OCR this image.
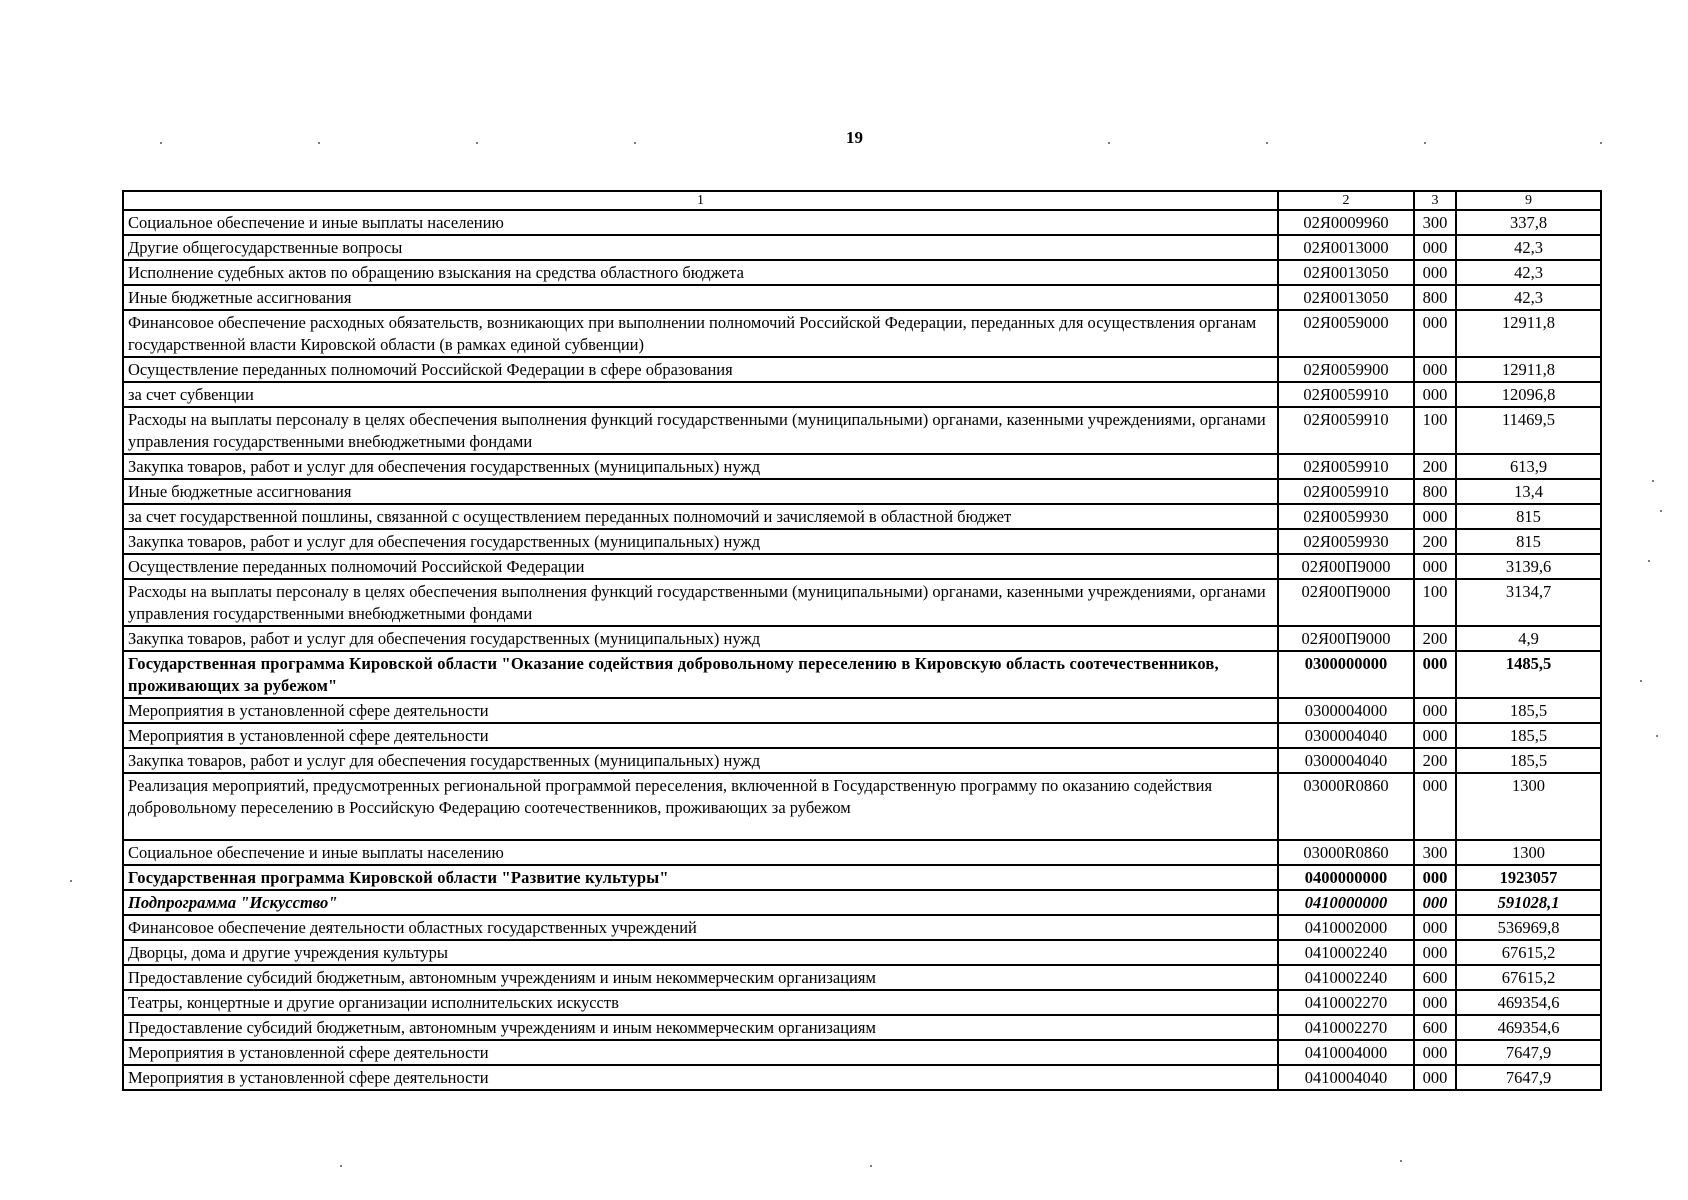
19
1	2	3	9
Социальное обеспечение и иные выплаты населению	02Я0009960	300	337,8
Другие общегосударственные вопросы	02Я0013000	000	42,3
Исполнение судебных актов по обращению взыскания на средства областного бюджета	02Я0013050	000	42,3
Иные бюджетные ассигнования	02Я0013050	800	42,3
Финансовое обеспечение расходных обязательств, возникающих при выполнении полномочий Российской Федерации, переданных для осуществления органам государственной власти Кировской области (в рамках единой субвенции)	02Я0059000	000	12911,8
Осуществление переданных полномочий Российской Федерации в сфере образования	02Я0059900	000	12911,8
за счет субвенции	02Я0059910	000	12096,8
Расходы на выплаты персоналу в целях обеспечения выполнения функций государственными (муниципальными) органами, казенными учреждениями, органами управления государственными внебюджетными фондами	02Я0059910	100	11469,5
Закупка товаров, работ и услуг для обеспечения государственных (муниципальных) нужд	02Я0059910	200	613,9
Иные бюджетные ассигнования	02Я0059910	800	13,4
за счет государственной пошлины, связанной с осуществлением переданных полномочий и зачисляемой в областной бюджет	02Я0059930	000	815
Закупка товаров, работ и услуг для обеспечения государственных (муниципальных) нужд	02Я0059930	200	815
Осуществление переданных полномочий Российской Федерации	02Я00П9000	000	3139,6
Расходы на выплаты персоналу в целях обеспечения выполнения функций государственными (муниципальными) органами, казенными учреждениями, органами управления государственными внебюджетными фондами	02Я00П9000	100	3134,7
Закупка товаров, работ и услуг для обеспечения государственных (муниципальных) нужд	02Я00П9000	200	4,9
Государственная программа Кировской области "Оказание содействия добровольному переселению в Кировскую область соотечественников, проживающих за рубежом"	0300000000	000	1485,5
Мероприятия в установленной сфере деятельности	0300004000	000	185,5
Мероприятия в установленной сфере деятельности	0300004040	000	185,5
Закупка товаров, работ и услуг для обеспечения государственных (муниципальных) нужд	0300004040	200	185,5
Реализация мероприятий, предусмотренных региональной программой переселения, включенной в Государственную программу по оказанию содействия добровольному переселению в Российскую Федерацию соотечественников, проживающих за рубежом	03000R0860	000	1300
Социальное обеспечение и иные выплаты населению	03000R0860	300	1300
Государственная программа Кировской области "Развитие культуры"	0400000000	000	1923057
Подпрограмма "Искусство"	0410000000	000	591028,1
Финансовое обеспечение деятельности областных государственных учреждений	0410002000	000	536969,8
Дворцы, дома и другие учреждения культуры	0410002240	000	67615,2
Предоставление субсидий бюджетным, автономным учреждениям и иным некоммерческим организациям	0410002240	600	67615,2
Театры, концертные и другие организации исполнительских искусств	0410002270	000	469354,6
Предоставление субсидий бюджетным, автономным учреждениям и иным некоммерческим организациям	0410002270	600	469354,6
Мероприятия в установленной сфере деятельности	0410004000	000	7647,9
Мероприятия в установленной сфере деятельности	0410004040	000	7647,9
